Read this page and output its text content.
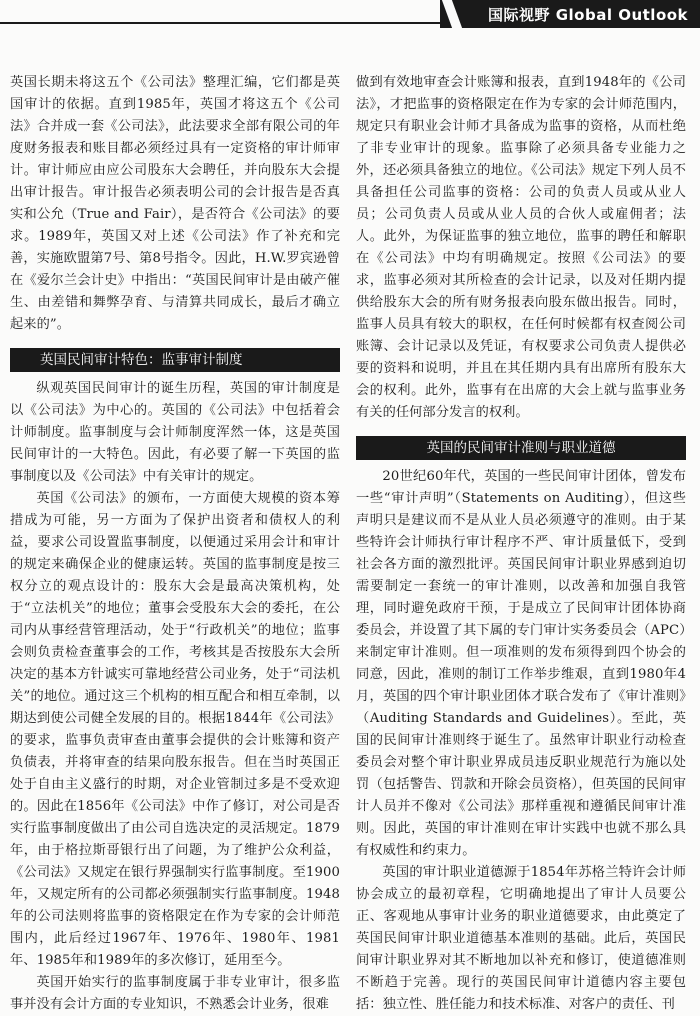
国际视野 Global Outlook

英国长期未将这五个《公司法》整理汇编，它们都是英国审计的依据。直到1985年，英国才将这五个《公司法》合并成一套《公司法》，此法要求全部有限公司的年度财务报表和账目都必须经过具有一定资格的审计师审计。审计师应由应公司股东大会聘任，并向股东大会提出审计报告。审计报告必须表明公司的会计报告是否真实和公允（True and Fair），是否符合《公司法》的要求。1989年，英国又对上述《公司法》作了补充和完善，实施欧盟第7号、第8号指令。因此，H.W.罗宾逊曾在《爱尔兰会计史》中指出：“英国民间审计是由破产催生、由差错和舞弊孕育、与清算共同成长，最后才确立起来的”。

英国民间审计特色：监事审计制度

纵观英国民间审计的诞生历程，英国的审计制度是以《公司法》为中心的。英国的《公司法》中包括着会计师制度。监事制度与会计师制度浑然一体，这是英国民间审计的一大特色。因此，有必要了解一下英国的监事制度以及《公司法》中有关审计的规定。

英国《公司法》的颁布，一方面使大规模的资本筹措成为可能，另一方面为了保护出资者和债权人的利益，要求公司设置监事制度，以便通过采用会计和审计的规定来确保企业的健康运转。英国的监事制度是按三权分立的观点设计的：股东大会是最高决策机构，处于“立法机关”的地位；董事会受股东大会的委托，在公司内从事经营管理活动，处于“行政机关”的地位；监事会则负责检查董事会的工作，考核其是否按股东大会所决定的基本方针诚实可靠地经营公司业务，处于“司法机关”的地位。通过这三个机构的相互配合和相互牵制，以期达到使公司健全发展的目的。根据1844年《公司法》的要求，监事负责审查由董事会提供的会计账簿和资产负债表，并将审查的结果向股东报告。但在当时英国正处于自由主义盛行的时期，对企业管制过多是不受欢迎的。因此在1856年《公司法》中作了修订，对公司是否实行监事制度做出了由公司自选决定的灵活规定。1879年，由于格拉斯哥银行出了问题，为了维护公众利益，《公司法》又规定在银行界强制实行监事制度。至1900年，又规定所有的公司都必须强制实行监事制度。1948年的公司法则将监事的资格限定在作为专家的会计师范围内，此后经过1967年、1976年、1980年、1981年、1985年和1989年的多次修订，延用至今。

英国开始实行的监事制度属于非专业审计，很多监事并没有会计方面的专业知识，不熟悉会计业务，很难

做到有效地审查会计账簿和报表，直到1948年的《公司法》，才把监事的资格限定在作为专家的会计师范围内，规定只有职业会计师才具备成为监事的资格，从而杜绝了非专业审计的现象。监事除了必须具备专业能力之外，还必须具备独立的地位。《公司法》规定下列人员不具备担任公司监事的资格：公司的负责人员或从业人员；公司负责人员或从业人员的合伙人或雇佣者；法人。此外，为保证监事的独立地位，监事的聘任和解职在《公司法》中均有明确规定。按照《公司法》的要求，监事必须对其所检查的会计记录，以及对任期内提供给股东大会的所有财务报表向股东做出报告。同时，监事人员具有较大的职权，在任何时候都有权查阅公司账簿、会计记录以及凭证，有权要求公司负责人提供必要的资料和说明，并且在其任期内具有出席所有股东大会的权利。此外，监事有在出席的大会上就与监事业务有关的任何部分发言的权利。

英国的民间审计准则与职业道德

20世纪60年代，英国的一些民间审计团体，曾发布一些“审计声明”（Statements on Auditing），但这些声明只是建议而不是从业人员必须遵守的准则。由于某些特许会计师执行审计程序不严、审计质量低下，受到社会各方面的激烈批评。英国民间审计职业界感到迫切需要制定一套统一的审计准则，以改善和加强自我管理，同时避免政府干预，于是成立了民间审计团体协商委员会，并设置了其下属的专门审计实务委员会（APC）来制定审计准则。但一项准则的发布须得到四个协会的同意，因此，准则的制订工作举步维艰，直到1980年4月，英国的四个审计职业团体才联合发布了《审计准则》（Auditing Standards and Guidelines）。至此，英国的民间审计准则终于诞生了。虽然审计职业行动检查委员会对整个审计职业界成员违反职业规范行为施以处罚（包括警告、罚款和开除会员资格），但英国的民间审计人员并不像对《公司法》那样重视和遵循民间审计准则。因此，英国的审计准则在审计实践中也就不那么具有权威性和约束力。

英国的审计职业道德源于1854年苏格兰特许会计师协会成立的最初章程，它明确地提出了审计人员要公正、客观地从事审计业务的职业道德要求，由此奠定了英国民间审计职业道德基本准则的基础。此后，英国民间审计职业界对其不断地加以补充和修订，使道德准则不断趋于完善。现行的英国民间审计道德内容主要包括：独立性、胜任能力和技术标准、对客户的责任、刊
